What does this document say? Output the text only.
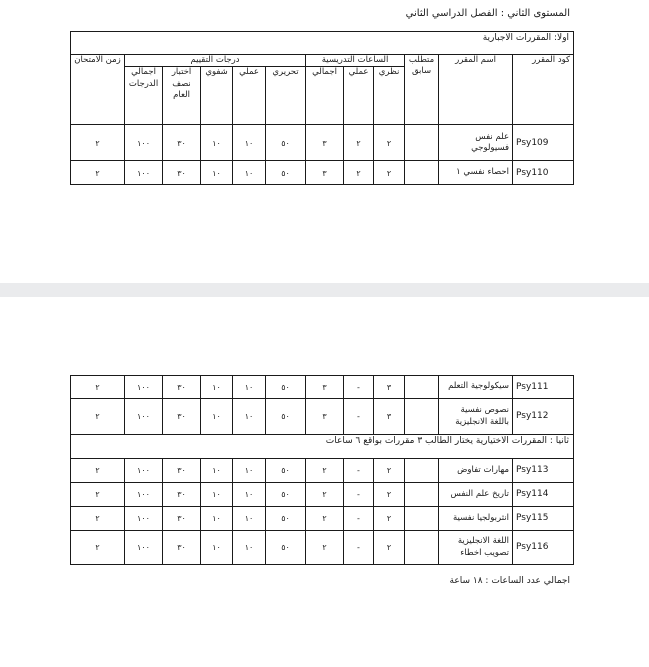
المستوى الثاني : الفصل الدراسي الثاني
اولا: المقررات الاجبارية											
كود المقرر	اسم المقرر	متطلب سابق	الساعات التدريسية			درجات التقييم					زمن الامتحان
			نظري	عملي	اجمالي	تحريري	عملي	شفوي	اختبار نصف العام	اجمالي الدرجات	
Psy109	علم نفس فسيولوجي		٢	٢	٣	٥٠	١٠	١٠	٣٠	١٠٠	٢
Psy110	احصاء نفسي ١		٢	٢	٣	٥٠	١٠	١٠	٣٠	١٠٠	٢
Psy111	سيكولوجية التعلم		٣	-	٣	٥٠	١٠	١٠	٣٠	١٠٠	٢
Psy112	نصوص نفسية باللغة الانجليزية		٣	-	٣	٥٠	١٠	١٠	٣٠	١٠٠	٢
ثانيا : المقررات الاختيارية يختار الطالب ٣ مقررات بواقع ٦ ساعات											
Psy113	مهارات تفاوض		٢	-	٢	٥٠	١٠	١٠	٣٠	١٠٠	٢
Psy114	تاريخ علم النفس		٢	-	٢	٥٠	١٠	١٠	٣٠	١٠٠	٢
Psy115	انثربولجيا نفسية		٢	-	٢	٥٠	١٠	١٠	٣٠	١٠٠	٢
Psy116	اللغة الانجليزية تصويب اخطاء		٢	-	٢	٥٠	١٠	١٠	٣٠	١٠٠	٢
اجمالي عدد الساعات : ١٨ ساعة
